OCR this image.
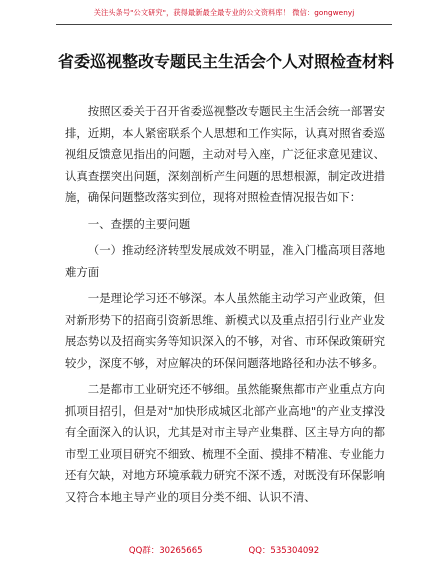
关注头条号"公文研究"，获得最新最全最专业的公文资料库！ 微信：gongwenyj
省委巡视整改专题民主生活会个人对照检查材料

按照区委关于召开省委巡视整改专题民主生活会统一部署安排，近期，本人紧密联系个人思想和工作实际，认真对照省委巡视组反馈意见指出的问题，主动对号入座，广泛征求意见建议、认真查摆突出问题，深刻剖析产生问题的思想根源，制定改进措施，确保问题整改落实到位，现将对照检查情况报告如下：

一、查摆的主要问题

（一）推动经济转型发展成效不明显，准入门槛高项目落地难方面

一是理论学习还不够深。本人虽然能主动学习产业政策，但对新形势下的招商引资新思维、新模式以及重点招引行业产业发展态势以及招商实务等知识深入的不够，对省、市环保政策研究较少，深度不够，对应解决的环保问题落地路径和办法不够多。

二是都市工业研究还不够细。虽然能聚焦都市产业重点方向抓项目招引，但是对"加快形成城区北部产业高地"的产业支撑没有全面深入的认识，尤其是对市主导产业集群、区主导方向的都市型工业项目研究不细致、梳理不全面、摸排不精准、专业能力还有欠缺，对地方环境承载力研究不深不透，对既没有环保影响又符合本地主导产业的项目分类不细、认识不清、

QQ群：30265665	QQ：535304092
